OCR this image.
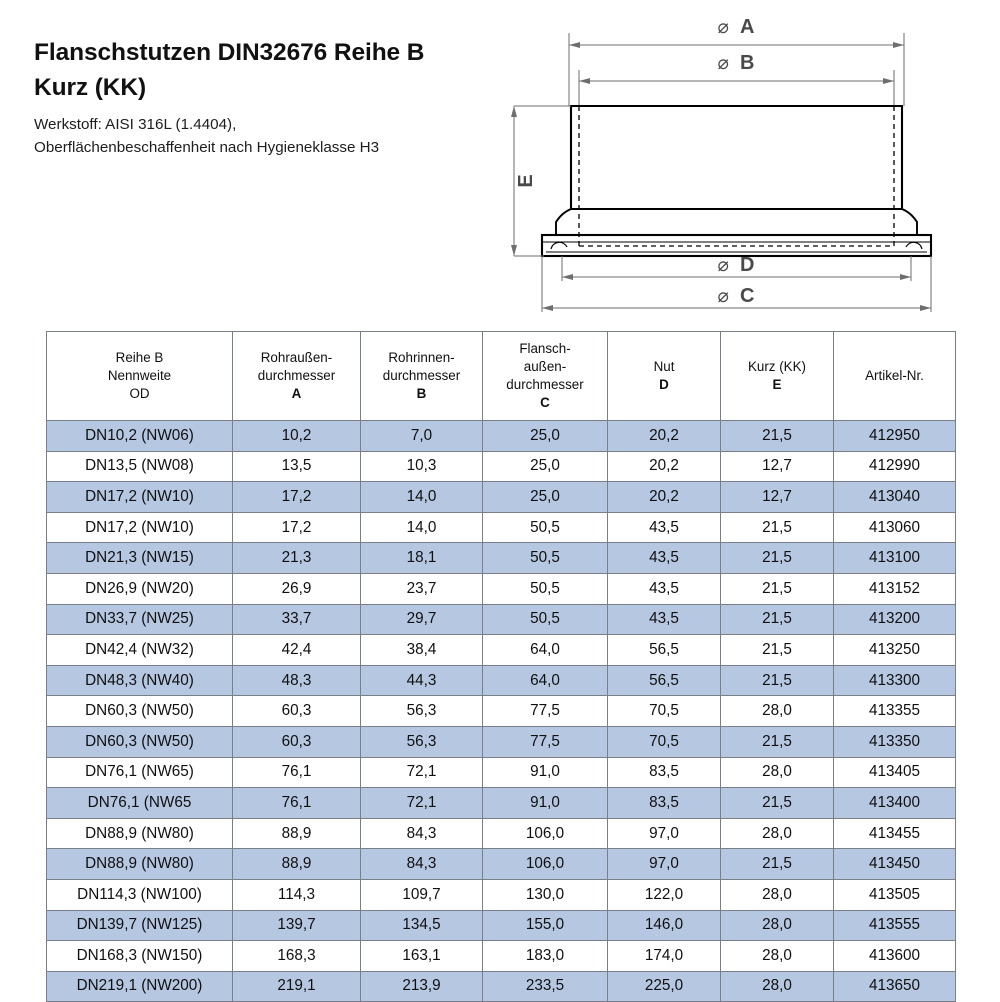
Flanschstutzen DIN32676 Reihe B
Kurz (KK)
Werkstoff: AISI 316L (1.4404),
Oberflächenbeschaffenheit nach Hygieneklasse H3
⌀ A
⌀ B
E
⌀ D
⌀ C
Reihe B
Nennweite
OD	Rohraußen-
durchmesser
A	Rohrinnen-
durchmesser
B	Flansch-
außen-
durchmesser
C	Nut
D	Kurz (KK)
E	Artikel-Nr.

DN10,2 (NW06)	10,2	7,0	25,0	20,2	21,5	412950
DN13,5 (NW08)	13,5	10,3	25,0	20,2	12,7	412990
DN17,2 (NW10)	17,2	14,0	25,0	20,2	12,7	413040
DN17,2 (NW10)	17,2	14,0	50,5	43,5	21,5	413060
DN21,3 (NW15)	21,3	18,1	50,5	43,5	21,5	413100
DN26,9 (NW20)	26,9	23,7	50,5	43,5	21,5	413152
DN33,7 (NW25)	33,7	29,7	50,5	43,5	21,5	413200
DN42,4 (NW32)	42,4	38,4	64,0	56,5	21,5	413250
DN48,3 (NW40)	48,3	44,3	64,0	56,5	21,5	413300
DN60,3 (NW50)	60,3	56,3	77,5	70,5	28,0	413355
DN60,3 (NW50)	60,3	56,3	77,5	70,5	21,5	413350
DN76,1 (NW65)	76,1	72,1	91,0	83,5	28,0	413405
DN76,1 (NW65	76,1	72,1	91,0	83,5	21,5	413400
DN88,9 (NW80)	88,9	84,3	106,0	97,0	28,0	413455
DN88,9 (NW80)	88,9	84,3	106,0	97,0	21,5	413450
DN114,3 (NW100)	114,3	109,7	130,0	122,0	28,0	413505
DN139,7 (NW125)	139,7	134,5	155,0	146,0	28,0	413555
DN168,3 (NW150)	168,3	163,1	183,0	174,0	28,0	413600
DN219,1 (NW200)	219,1	213,9	233,5	225,0	28,0	413650
